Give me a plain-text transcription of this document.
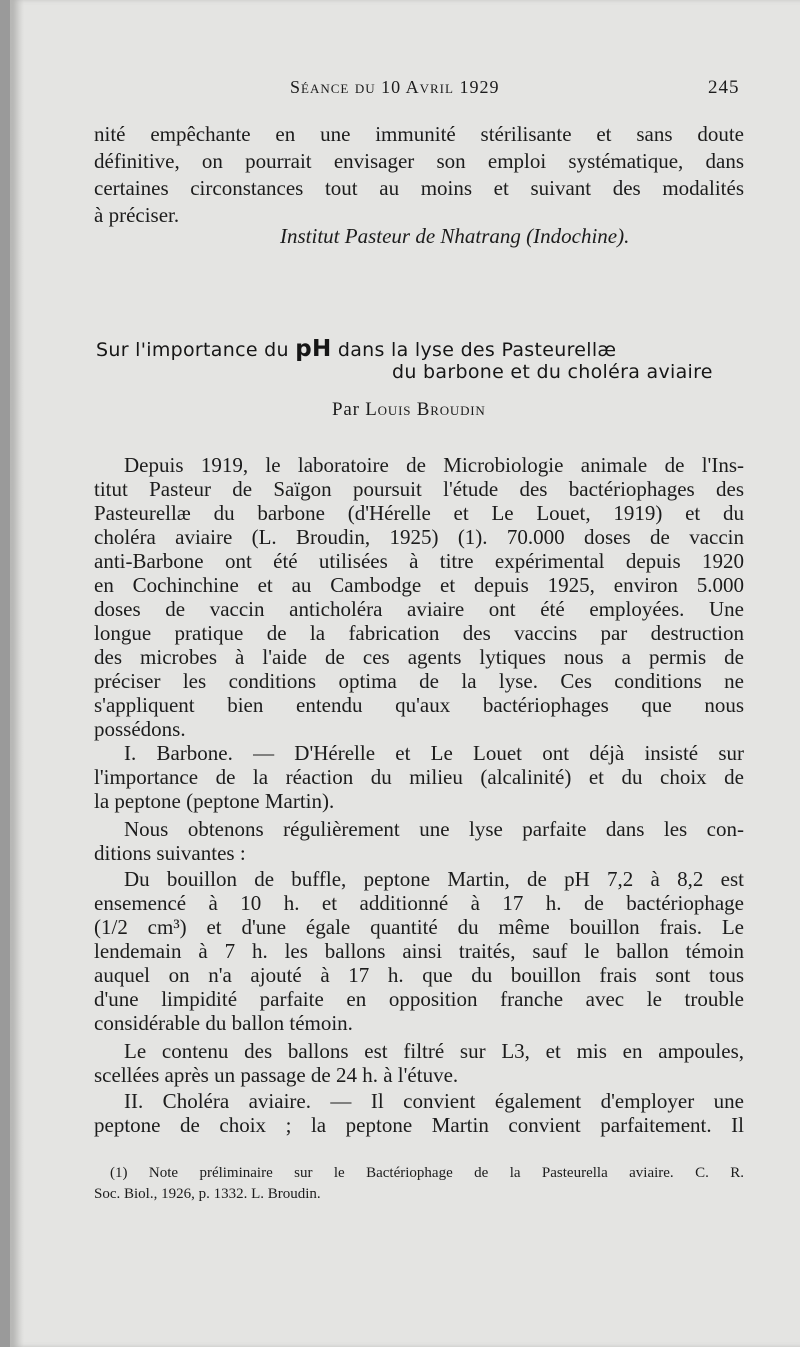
Séance du 10 Avril 1929	245
nité empêchante en une immunité stérilisante et sans doute
définitive, on pourrait envisager son emploi systématique, dans
certaines circonstances tout au moins et suivant des modalités
à préciser.
Institut Pasteur de Nhatrang (Indochine).
Sur l'importance du pH dans la lyse des Pasteurellæ
du barbone et du choléra aviaire
Par Louis Broudin
Depuis 1919, le laboratoire de Microbiologie animale de l'Ins-
titut Pasteur de Saïgon poursuit l'étude des bactériophages des
Pasteurellæ du barbone (d'Hérelle et Le Louet, 1919) et du
choléra aviaire (L. Broudin, 1925) (1). 70.000 doses de vaccin
anti-Barbone ont été utilisées à titre expérimental depuis 1920
en Cochinchine et au Cambodge et depuis 1925, environ 5.000
doses de vaccin anticholéra aviaire ont été employées. Une
longue pratique de la fabrication des vaccins par destruction
des microbes à l'aide de ces agents lytiques nous a permis de
préciser les conditions optima de la lyse. Ces conditions ne
s'appliquent bien entendu qu'aux bactériophages que nous
possédons.
I. Barbone. — D'Hérelle et Le Louet ont déjà insisté sur
l'importance de la réaction du milieu (alcalinité) et du choix de
la peptone (peptone Martin).
Nous obtenons régulièrement une lyse parfaite dans les con-
ditions suivantes :
Du bouillon de buffle, peptone Martin, de pH 7,2 à 8,2 est
ensemencé à 10 h. et additionné à 17 h. de bactériophage
(1/2 cm³) et d'une égale quantité du même bouillon frais. Le
lendemain à 7 h. les ballons ainsi traités, sauf le ballon témoin
auquel on n'a ajouté à 17 h. que du bouillon frais sont tous
d'une limpidité parfaite en opposition franche avec le trouble
considérable du ballon témoin.
Le contenu des ballons est filtré sur L3, et mis en ampoules,
scellées après un passage de 24 h. à l'étuve.
II. Choléra aviaire. — Il convient également d'employer une
peptone de choix ; la peptone Martin convient parfaitement. Il
(1) Note préliminaire sur le Bactériophage de la Pasteurella aviaire. C. R.
Soc. Biol., 1926, p. 1332. L. Broudin.
